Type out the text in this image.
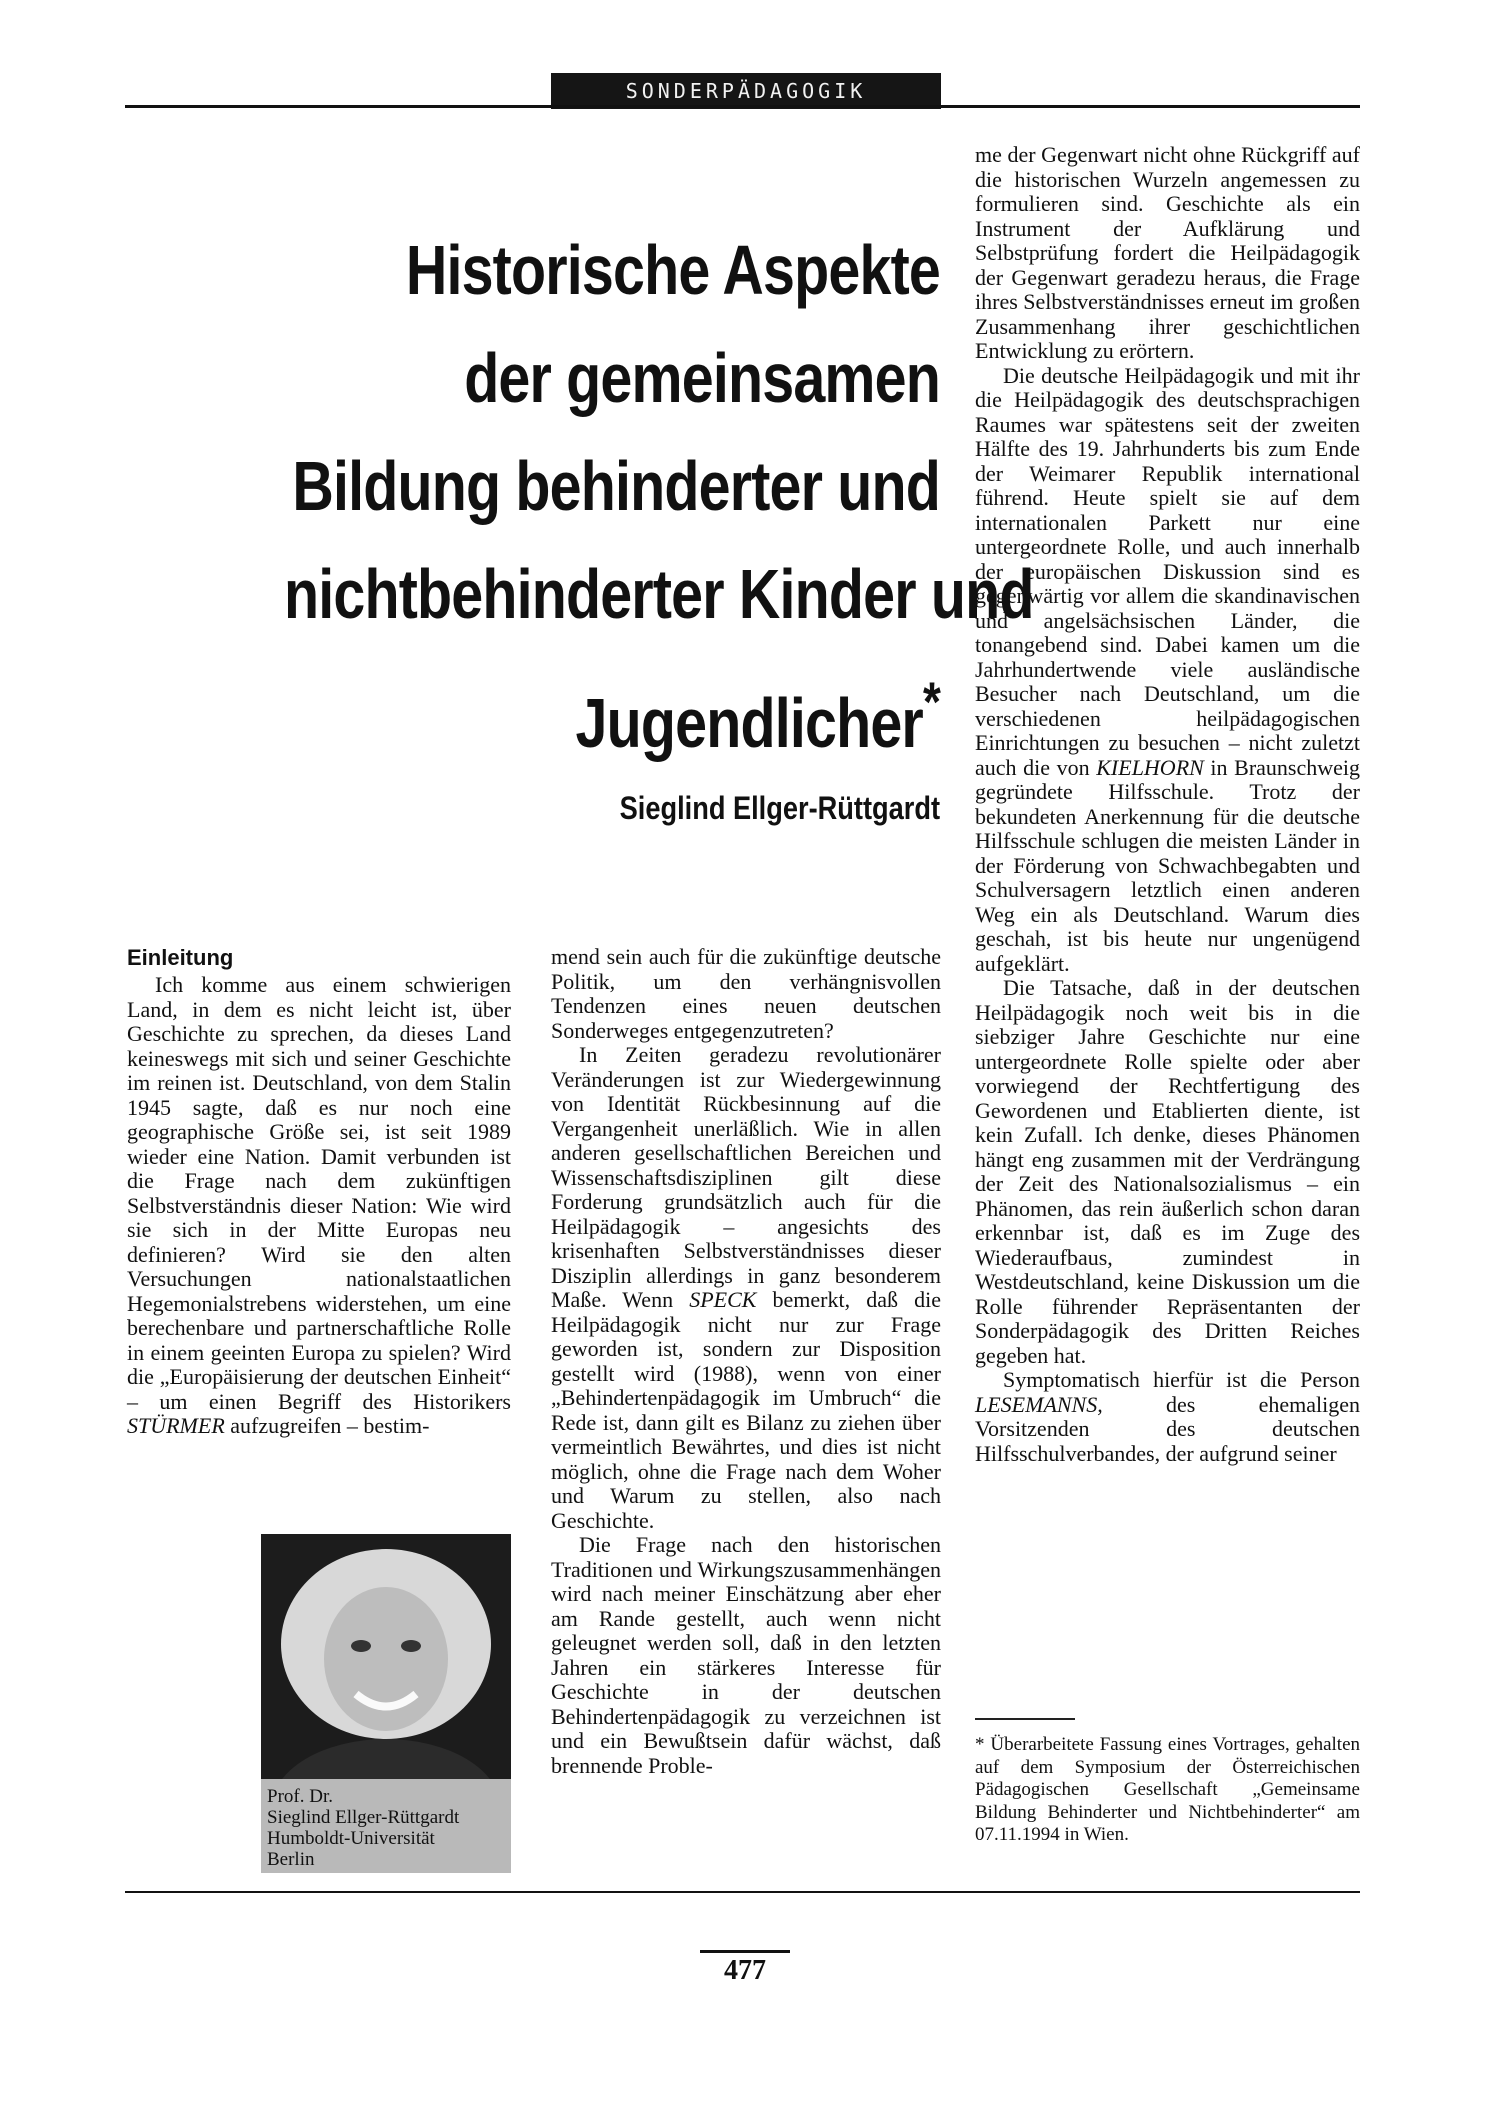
SONDERPÄDAGOGIK
Historische Aspekte
der gemeinsamen
Bildung behinderter und
nichtbehinderter Kinder und
Jugendlicher*
Sieglind Ellger-Rüttgardt
Einleitung

Ich komme aus einem schwierigen Land, in dem es nicht leicht ist, über Geschichte zu sprechen, da dieses Land keineswegs mit sich und seiner Geschichte im reinen ist. Deutschland, von dem Stalin 1945 sagte, daß es nur noch eine geographische Größe sei, ist seit 1989 wieder eine Nation. Damit verbunden ist die Frage nach dem zukünftigen Selbstverständnis dieser Nation: Wie wird sie sich in der Mitte Europas neu definieren? Wird sie den alten Versuchungen nationalstaatlichen Hegemonialstrebens widerstehen, um eine berechenbare und partnerschaftliche Rolle in einem geeinten Europa zu spielen? Wird die „Europäisierung der deutschen Einheit“ – um einen Begriff des Historikers STÜRMER aufzugreifen – bestim-

Prof. Dr.
Sieglind Ellger-Rüttgardt
Humboldt-Universität
Berlin

mend sein auch für die zukünftige deutsche Politik, um den verhängnisvollen Tendenzen eines neuen deutschen Sonderweges entgegenzutreten?

In Zeiten geradezu revolutionärer Veränderungen ist zur Wiedergewinnung von Identität Rückbesinnung auf die Vergangenheit unerläßlich. Wie in allen anderen gesellschaftlichen Bereichen und Wissenschaftsdisziplinen gilt diese Forderung grundsätzlich auch für die Heilpädagogik – angesichts des krisenhaften Selbstverständnisses dieser Disziplin allerdings in ganz besonderem Maße. Wenn SPECK bemerkt, daß die Heilpädagogik nicht nur zur Frage geworden ist, sondern zur Disposition gestellt wird (1988), wenn von einer „Behindertenpädagogik im Umbruch“ die Rede ist, dann gilt es Bilanz zu ziehen über vermeintlich Bewährtes, und dies ist nicht möglich, ohne die Frage nach dem Woher und Warum zu stellen, also nach Geschichte.

Die Frage nach den historischen Traditionen und Wirkungszusammenhängen wird nach meiner Einschätzung aber eher am Rande gestellt, auch wenn nicht geleugnet werden soll, daß in den letzten Jahren ein stärkeres Interesse für Geschichte in der deutschen Behindertenpädagogik zu verzeichnen ist und ein Bewußtsein dafür wächst, daß brennende Proble-

me der Gegenwart nicht ohne Rückgriff auf die historischen Wurzeln angemessen zu formulieren sind. Geschichte als ein Instrument der Aufklärung und Selbstprüfung fordert die Heilpädagogik der Gegenwart geradezu heraus, die Frage ihres Selbstverständnisses erneut im großen Zusammenhang ihrer geschichtlichen Entwicklung zu erörtern.

Die deutsche Heilpädagogik und mit ihr die Heilpädagogik des deutschsprachigen Raumes war spätestens seit der zweiten Hälfte des 19. Jahrhunderts bis zum Ende der Weimarer Republik international führend. Heute spielt sie auf dem internationalen Parkett nur eine untergeordnete Rolle, und auch innerhalb der europäischen Diskussion sind es gegenwärtig vor allem die skandinavischen und angelsächsischen Länder, die tonangebend sind. Dabei kamen um die Jahrhundertwende viele ausländische Besucher nach Deutschland, um die verschiedenen heilpädagogischen Einrichtungen zu besuchen – nicht zuletzt auch die von KIELHORN in Braunschweig gegründete Hilfsschule. Trotz der bekundeten Anerkennung für die deutsche Hilfsschule schlugen die meisten Länder in der Förderung von Schwachbegabten und Schulversagern letztlich einen anderen Weg ein als Deutschland. Warum dies geschah, ist bis heute nur ungenügend aufgeklärt.

Die Tatsache, daß in der deutschen Heilpädagogik noch weit bis in die siebziger Jahre Geschichte nur eine untergeordnete Rolle spielte oder aber vorwiegend der Rechtfertigung des Gewordenen und Etablierten diente, ist kein Zufall. Ich denke, dieses Phänomen hängt eng zusammen mit der Verdrängung der Zeit des Nationalsozialismus – ein Phänomen, das rein äußerlich schon daran erkennbar ist, daß es im Zuge des Wiederaufbaus, zumindest in Westdeutschland, keine Diskussion um die Rolle führender Repräsentanten der Sonderpädagogik des Dritten Reiches gegeben hat.

Symptomatisch hierfür ist die Person LESEMANNS, des ehemaligen Vorsitzenden des deutschen Hilfsschulverbandes, der aufgrund seiner

* Überarbeitete Fassung eines Vortrages, gehalten auf dem Symposium der Österreichischen Pädagogischen Gesellschaft „Gemeinsame Bildung Behinderter und Nichtbehinderter“ am 07.11.1994 in Wien.
477
